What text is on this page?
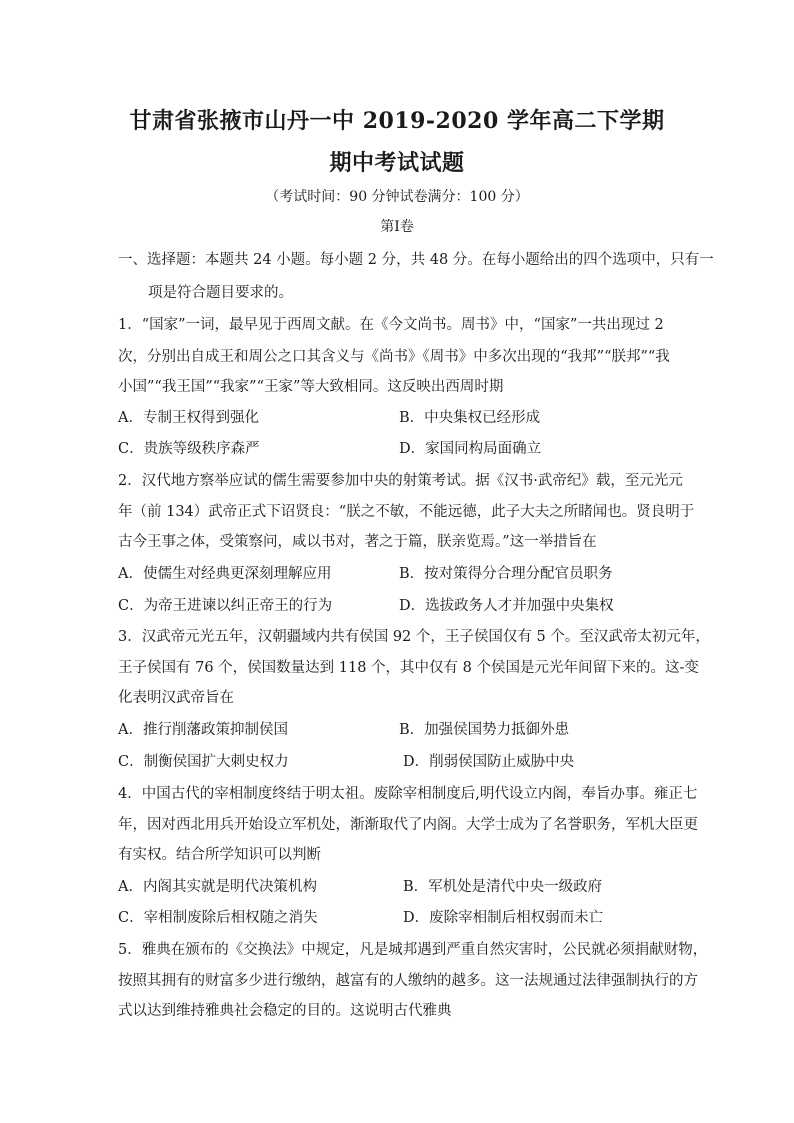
甘肃省张掖市山丹一中 2019-2020 学年高二下学期
期中考试试题
（考试时间：90 分钟试卷满分：100 分）
第Ⅰ卷
一、选择题：本题共 24 小题。每小题 2 分，共 48 分。在每小题给出的四个选项中，只有一
项是符合题目要求的。
1．“国家”一词，最早见于西周文献。在《今文尚书。周书》中，“国家”一共出现过 2
次，分别出自成王和周公之口其含义与《尚书》《周书》中多次出现的“我邦”“朕邦”“我
小国”“我王国”“我家”“王家”等大致相同。这反映出西周时期
A．专制王权得到强化	B．中央集权已经形成
C．贵族等级秩序森严	D．家国同构局面确立
2．汉代地方察举应试的儒生需要参加中央的射策考试。据《汉书·武帝纪》载，至元光元
年（前 134）武帝正式下诏贤良：“朕之不敏，不能远德，此子大夫之所睹闻也。贤良明于
古今王事之体，受策察问，咸以书对，著之于篇，朕亲览焉。”这一举措旨在
A．使儒生对经典更深刻理解应用	B．按对策得分合理分配官员职务
C．为帝王进谏以纠正帝王的行为	D．选拔政务人才并加强中央集权
3．汉武帝元光五年，汉朝疆域内共有侯国 92 个，王子侯国仅有 5 个。至汉武帝太初元年，
王子侯国有 76 个，侯国数量达到 118 个，其中仅有 8 个侯国是元光年间留下来的。这-变
化表明汉武帝旨在
A．推行削藩政策抑制侯国	B．加强侯国势力抵御外患
C．制衡侯国扩大刺史权力	D．削弱侯国防止威胁中央
4．中国古代的宰相制度终结于明太祖。废除宰相制度后,明代设立内阁，奉旨办事。雍正七
年，因对西北用兵开始设立军机处，渐渐取代了内阁。大学士成为了名誉职务，军机大臣更
有实权。结合所学知识可以判断
A．内阁其实就是明代决策机构	B．军机处是清代中央一级政府
C．宰相制废除后相权随之消失	D．废除宰相制后相权弱而未亡
5．雅典在颁布的《交换法》中规定，凡是城邦遇到严重自然灾害时，公民就必须捐献财物，
按照其拥有的财富多少进行缴纳，越富有的人缴纳的越多。这一法规通过法律强制执行的方
式以达到维持雅典社会稳定的目的。这说明古代雅典
